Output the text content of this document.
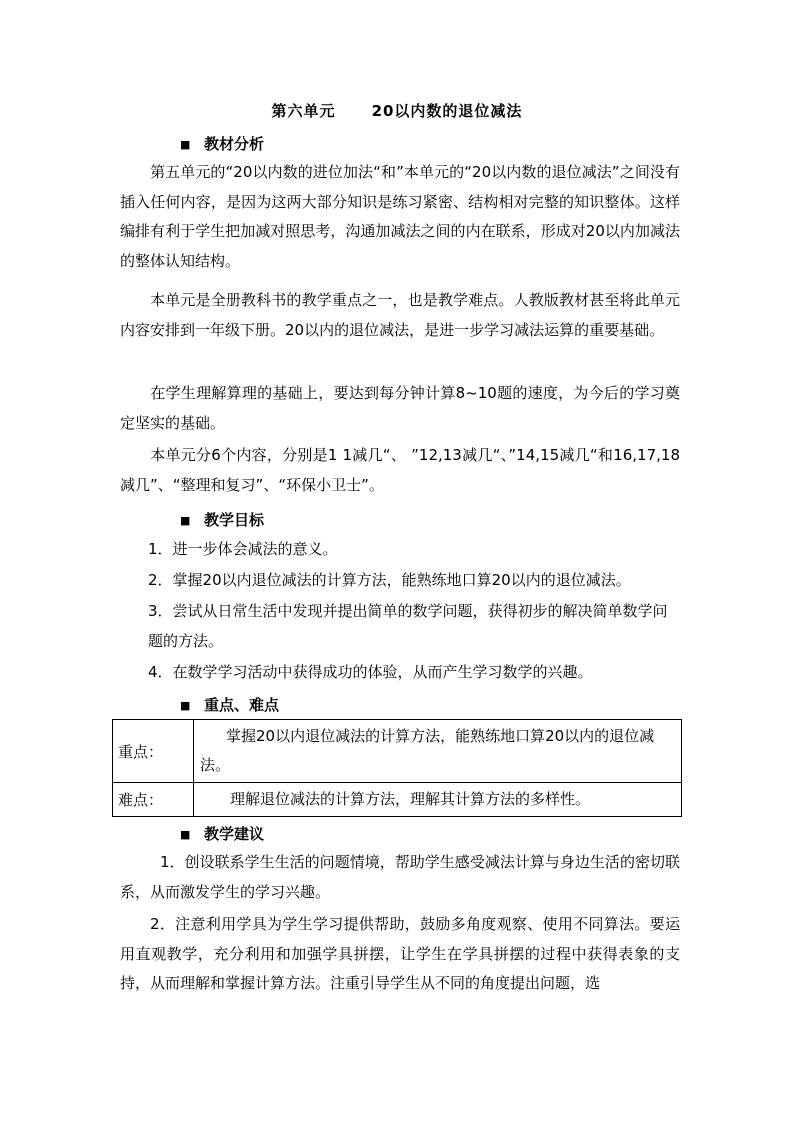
第六单元 20以内数的退位减法
■ 教材分析
第五单元的“20以内数的进位加法“和”本单元的“20以内数的退位减法”之间没有插入任何内容，是因为这两大部分知识是练习紧密、结构相对完整的知识整体。这样编排有利于学生把加减对照思考，沟通加减法之间的内在联系，形成对20以内加减法的整体认知结构。
本单元是全册教科书的教学重点之一，也是教学难点。人教版教材甚至将此单元内容安排到一年级下册。20以内的退位减法，是进一步学习减法运算的重要基础。
在学生理解算理的基础上，要达到每分钟计算8~10题的速度，为今后的学习奠定坚实的基础。
本单元分6个内容，分别是1 1减几“、 ”12,13减几“、”14,15减几“和16,17,18减几”、“整理和复习”、“环保小卫士”。
■ 教学目标
1．进一步体会减法的意义。
2．掌握20以内退位减法的计算方法，能熟练地口算20以内的退位减法。
3．尝试从日常生活中发现并提出简单的数学问题，获得初步的解决简单数学问题的方法。
4．在数学学习活动中获得成功的体验，从而产生学习数学的兴趣。
■ 重点、难点
重点：	掌握20以内退位减法的计算方法，能熟练地口算20以内的退位减法。
难点：	理解退位减法的计算方法，理解其计算方法的多样性。
■ 教学建议
1．创设联系学生生活的问题情境，帮助学生感受减法计算与身边生活的密切联系，从而激发学生的学习兴趣。
2．注意利用学具为学生学习提供帮助，鼓励多角度观察、使用不同算法。要运用直观教学，充分利用和加强学具拼摆，让学生在学具拼摆的过程中获得表象的支持，从而理解和掌握计算方法。注重引导学生从不同的角度提出问题，选
